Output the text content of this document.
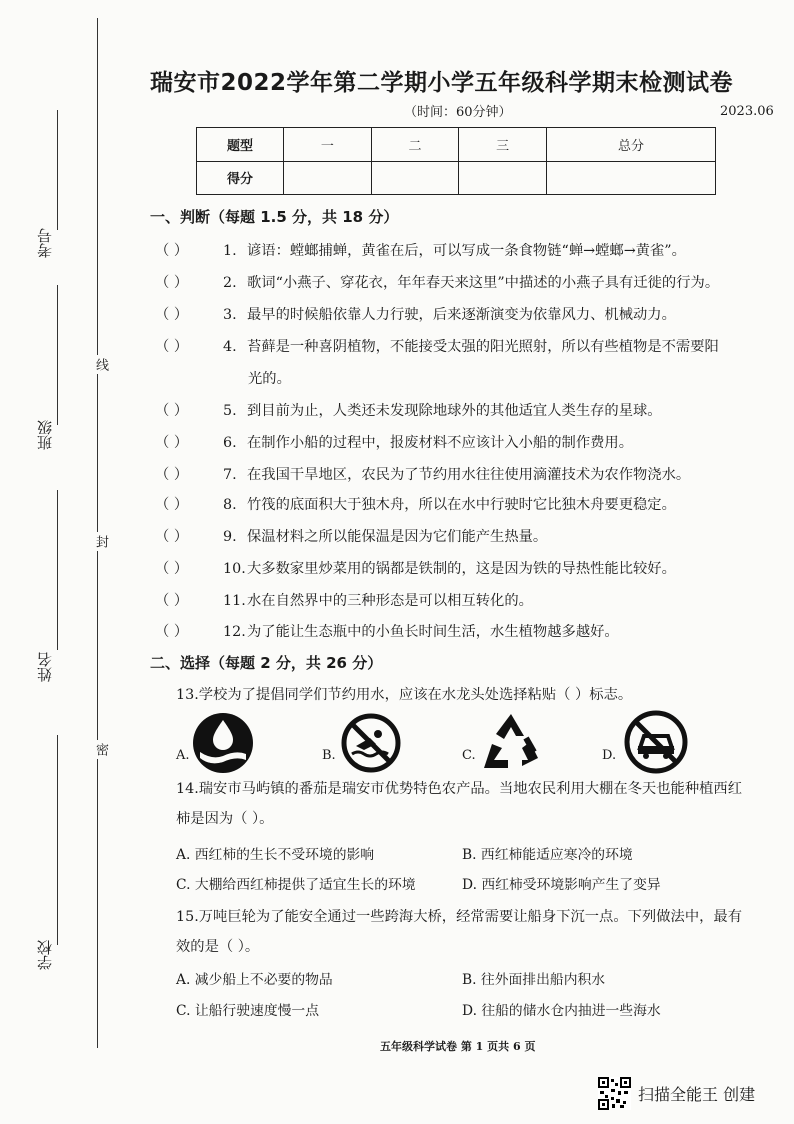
考号
班级
姓名
学校
线
封
密
瑞安市2022学年第二学期小学五年级科学期末检测试卷
（时间：60分钟）	2023.06
题型	一	二	三	总分
得分				
一、判断（每题 1.5 分，共 18 分）
（ ） 1. 谚语：螳螂捕蝉，黄雀在后，可以写成一条食物链“蝉→螳螂→黄雀”。
（ ） 2. 歌词“小燕子、穿花衣，年年春天来这里”中描述的小燕子具有迁徙的行为。
（ ） 3. 最早的时候船依靠人力行驶，后来逐渐演变为依靠风力、机械动力。
（ ） 4. 苔藓是一种喜阴植物，不能接受太强的阳光照射，所以有些植物是不需要阳
光的。
（ ） 5. 到目前为止，人类还未发现除地球外的其他适宜人类生存的星球。
（ ） 6. 在制作小船的过程中，报废材料不应该计入小船的制作费用。
（ ） 7. 在我国干旱地区，农民为了节约用水往往使用滴灌技术为农作物浇水。
（ ） 8. 竹筏的底面积大于独木舟，所以在水中行驶时它比独木舟要更稳定。
（ ） 9. 保温材料之所以能保温是因为它们能产生热量。
（ ） 10.大多数家里炒菜用的锅都是铁制的，这是因为铁的导热性能比较好。
（ ） 11.水在自然界中的三种形态是可以相互转化的。
（ ） 12.为了能让生态瓶中的小鱼长时间生活，水生植物越多越好。
二、选择（每题 2 分，共 26 分）
13.学校为了提倡同学们节约用水，应该在水龙头处选择粘贴（ ）标志。
A.	B.	C.	D.
14.瑞安市马屿镇的番茄是瑞安市优势特色农产品。当地农民利用大棚在冬天也能种植西红
柿是因为（ ）。
A. 西红柿的生长不受环境的影响	B. 西红柿能适应寒冷的环境
C. 大棚给西红柿提供了适宜生长的环境	D. 西红柿受环境影响产生了变异
15.万吨巨轮为了能安全通过一些跨海大桥，经常需要让船身下沉一点。下列做法中，最有
效的是（ ）。
A. 减少船上不必要的物品	B. 往外面排出船内积水
C. 让船行驶速度慢一点	D. 往船的储水仓内抽进一些海水
五年级科学试卷 第 1 页共 6 页
扫描全能王 创建
